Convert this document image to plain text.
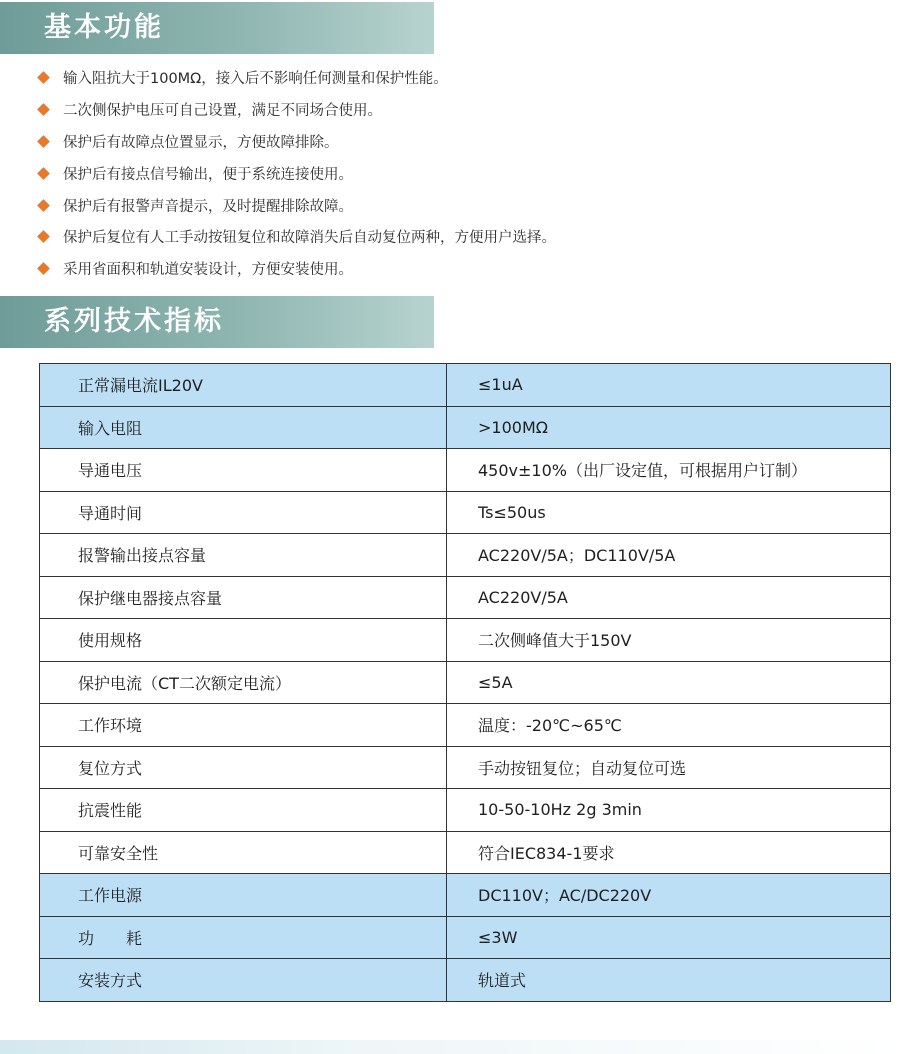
基本功能
输入阻抗大于100MΩ，接入后不影响任何测量和保护性能。
二次侧保护电压可自己设置，满足不同场合使用。
保护后有故障点位置显示，方便故障排除。
保护后有接点信号输出，便于系统连接使用。
保护后有报警声音提示，及时提醒排除故障。
保护后复位有人工手动按钮复位和故障消失后自动复位两种，方便用户选择。
采用省面积和轨道安装设计，方便安装使用。
系列技术指标
正常漏电流IL20V	≤1uA
输入电阻	>100MΩ
导通电压	450v±10%（出厂设定值，可根据用户订制）
导通时间	Ts≤50us
报警输出接点容量	AC220V/5A；DC110V/5A
保护继电器接点容量	AC220V/5A
使用规格	二次侧峰值大于150V
保护电流（CT二次额定电流）	≤5A
工作环境	温度：-20℃~65℃
复位方式	手动按钮复位；自动复位可选
抗震性能	10-50-10Hz 2g 3min
可靠安全性	符合IEC834-1要求
工作电源	DC110V；AC/DC220V
功　　耗	≤3W
安装方式	轨道式
